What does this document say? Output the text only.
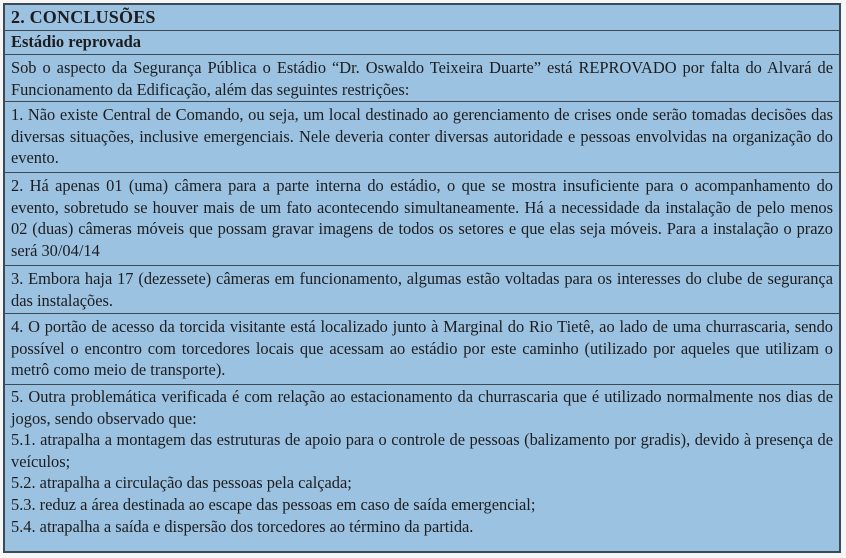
2. CONCLUSÕES
Estádio reprovada

Sob o aspecto da Segurança Pública o Estádio “Dr. Oswaldo Teixeira Duarte” está REPROVADO por falta do Alvará de Funcionamento da Edificação, além das seguintes restrições:

1. Não existe Central de Comando, ou seja, um local destinado ao gerenciamento de crises onde serão tomadas decisões das diversas situações, inclusive emergenciais. Nele deveria conter diversas autoridade e pessoas envolvidas na organização do evento.

2. Há apenas 01 (uma) câmera para a parte interna do estádio, o que se mostra insuficiente para o acompanhamento do evento, sobretudo se houver mais de um fato acontecendo simultaneamente. Há a necessidade da instalação de pelo menos 02 (duas) câmeras móveis que possam gravar imagens de todos os setores e que elas seja móveis. Para a instalação o prazo será 30/04/14

3. Embora haja 17 (dezessete) câmeras em funcionamento, algumas estão voltadas para os interesses do clube de segurança das instalações.

4. O portão de acesso da torcida visitante está localizado junto à Marginal do Rio Tietê, ao lado de uma churrascaria, sendo possível o encontro com torcedores locais que acessam ao estádio por este caminho (utilizado por aqueles que utilizam o metrô como meio de transporte).

5. Outra problemática verificada é com relação ao estacionamento da churrascaria que é utilizado normalmente nos dias de jogos, sendo observado que:

5.1. atrapalha a montagem das estruturas de apoio para o controle de pessoas (balizamento por gradis), devido à presença de veículos;

5.2. atrapalha a circulação das pessoas pela calçada;

5.3. reduz a área destinada ao escape das pessoas em caso de saída emergencial;

5.4. atrapalha a saída e dispersão dos torcedores ao término da partida.
